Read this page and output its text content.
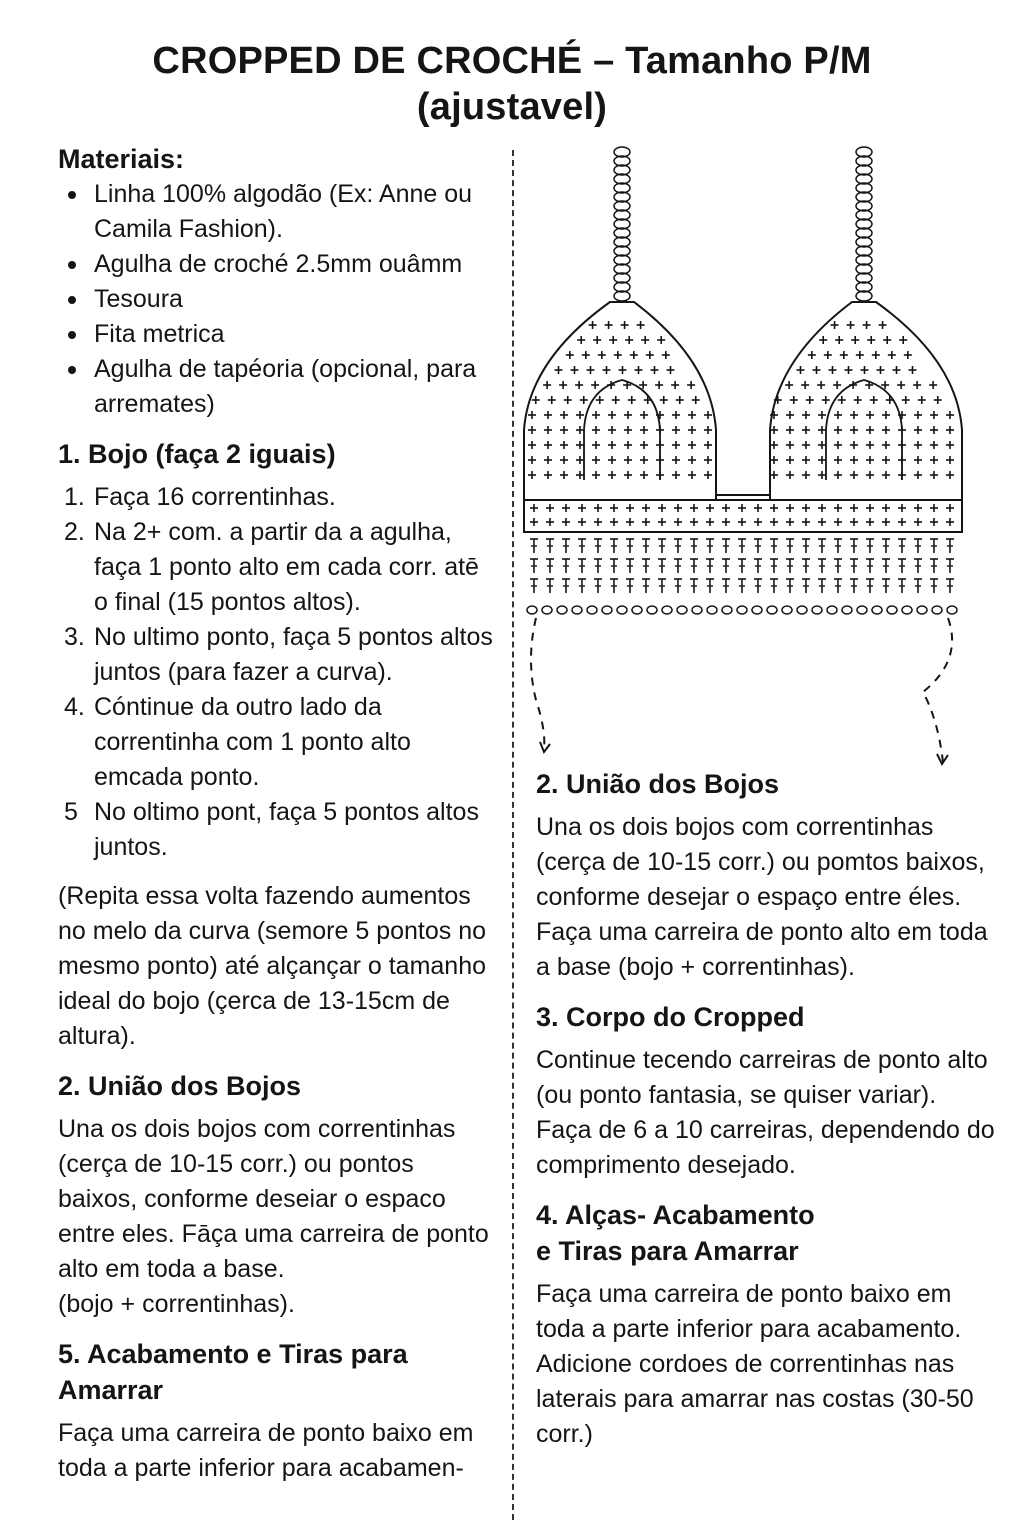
CROPPED DE CROCHÉ – Tamanho P/M
(ajustavel)
Materiais:
Linha 100% algodão (Ex: Anne ou Camila Fashion).
Agulha de croché 2.5mm ouâmm
Tesoura
Fita metrica
Agulha de tapéoria (opcional, para arremates)
1. Bojo (faça 2 iguais)
1. Faça 16 correntinhas.
2. Na 2+ com. a partir da a agulha, faça 1 ponto alto em cada corr. atē o final (15 pontos altos).
3. No ultimo ponto, faça 5 pontos altos juntos (para fazer a curva).
4. Cóntinue da outro lado da correntinha com 1 ponto alto emcada ponto.
5 No oltimo pont, faça 5 pontos altos juntos.

(Repita essa volta fazendo aumentos no melo da curva (semore 5 pontos no mesmo ponto) até alçançar o tamanho ideal do bojo (çerca de 13-15cm de altura).

2. União dos Bojos

Una os dois bojos com correntinhas (cerça de 10-15 corr.) ou pontos baixos, conforme deseiar o espaco entre eles. Fāça uma carreira de ponto alto em toda a base.

(bojo + correntinhas).

5. Acabamento e Tiras para Amarrar

Faça uma carreira de ponto baixo em toda a parte inferior para acabamen-

2. União dos Bojos

Una os dois bojos com correntinhas (cerça de 10-15 corr.) ou pomtos baixos, conforme desejar o espaço entre éles. Faça uma carreira de ponto alto em toda a base (bojo + correntinhas).

3. Corpo do Cropped

Continue tecendo carreiras de ponto alto (ou ponto fantasia, se quiser variar). Faça de 6 a 10 carreiras, dependendo do comprimento desejado.

4. Alças- Acabamento
e Tiras para Amarrar

Faça uma carreira de ponto baixo em toda a parte inferior para acabamento. Adicione cordoes de correntinhas nas laterais para amarrar nas costas (30-50 corr.)
